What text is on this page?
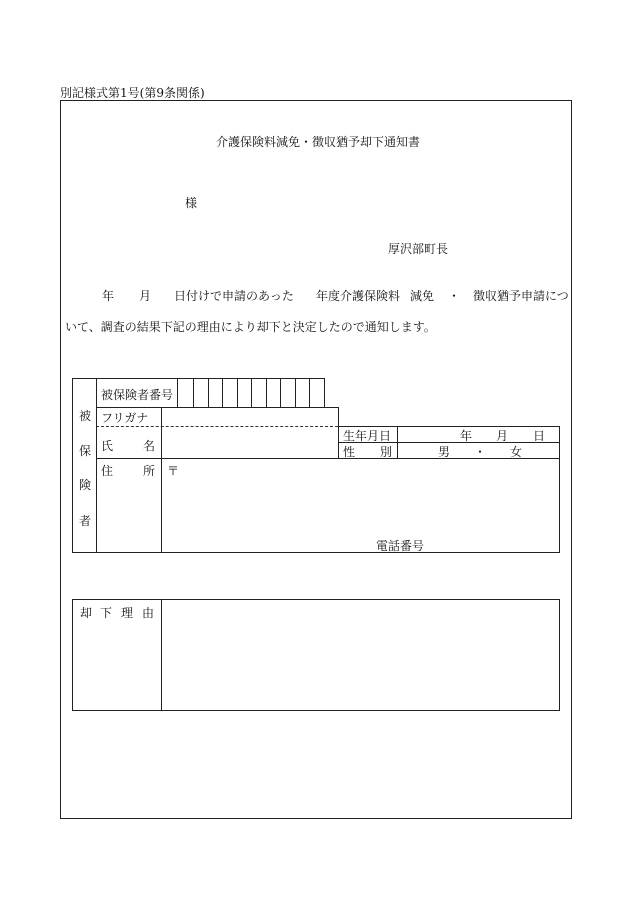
別記様式第1号(第9条関係)
介護保険料減免・徴収猶予却下通知書
様
厚沢部町長
年 月 日付けで申請のあった 年度介護保険料 減免 ・ 徴収猶予申請につ
いて、調査の結果下記の理由により却下と決定したので通知します。
被
保
険
者
被保険者番号
フリガナ
氏 名
生年月日	年 月 日
性 別	男 ・ 女
住 所 〒
電話番号
却 下 理 由
